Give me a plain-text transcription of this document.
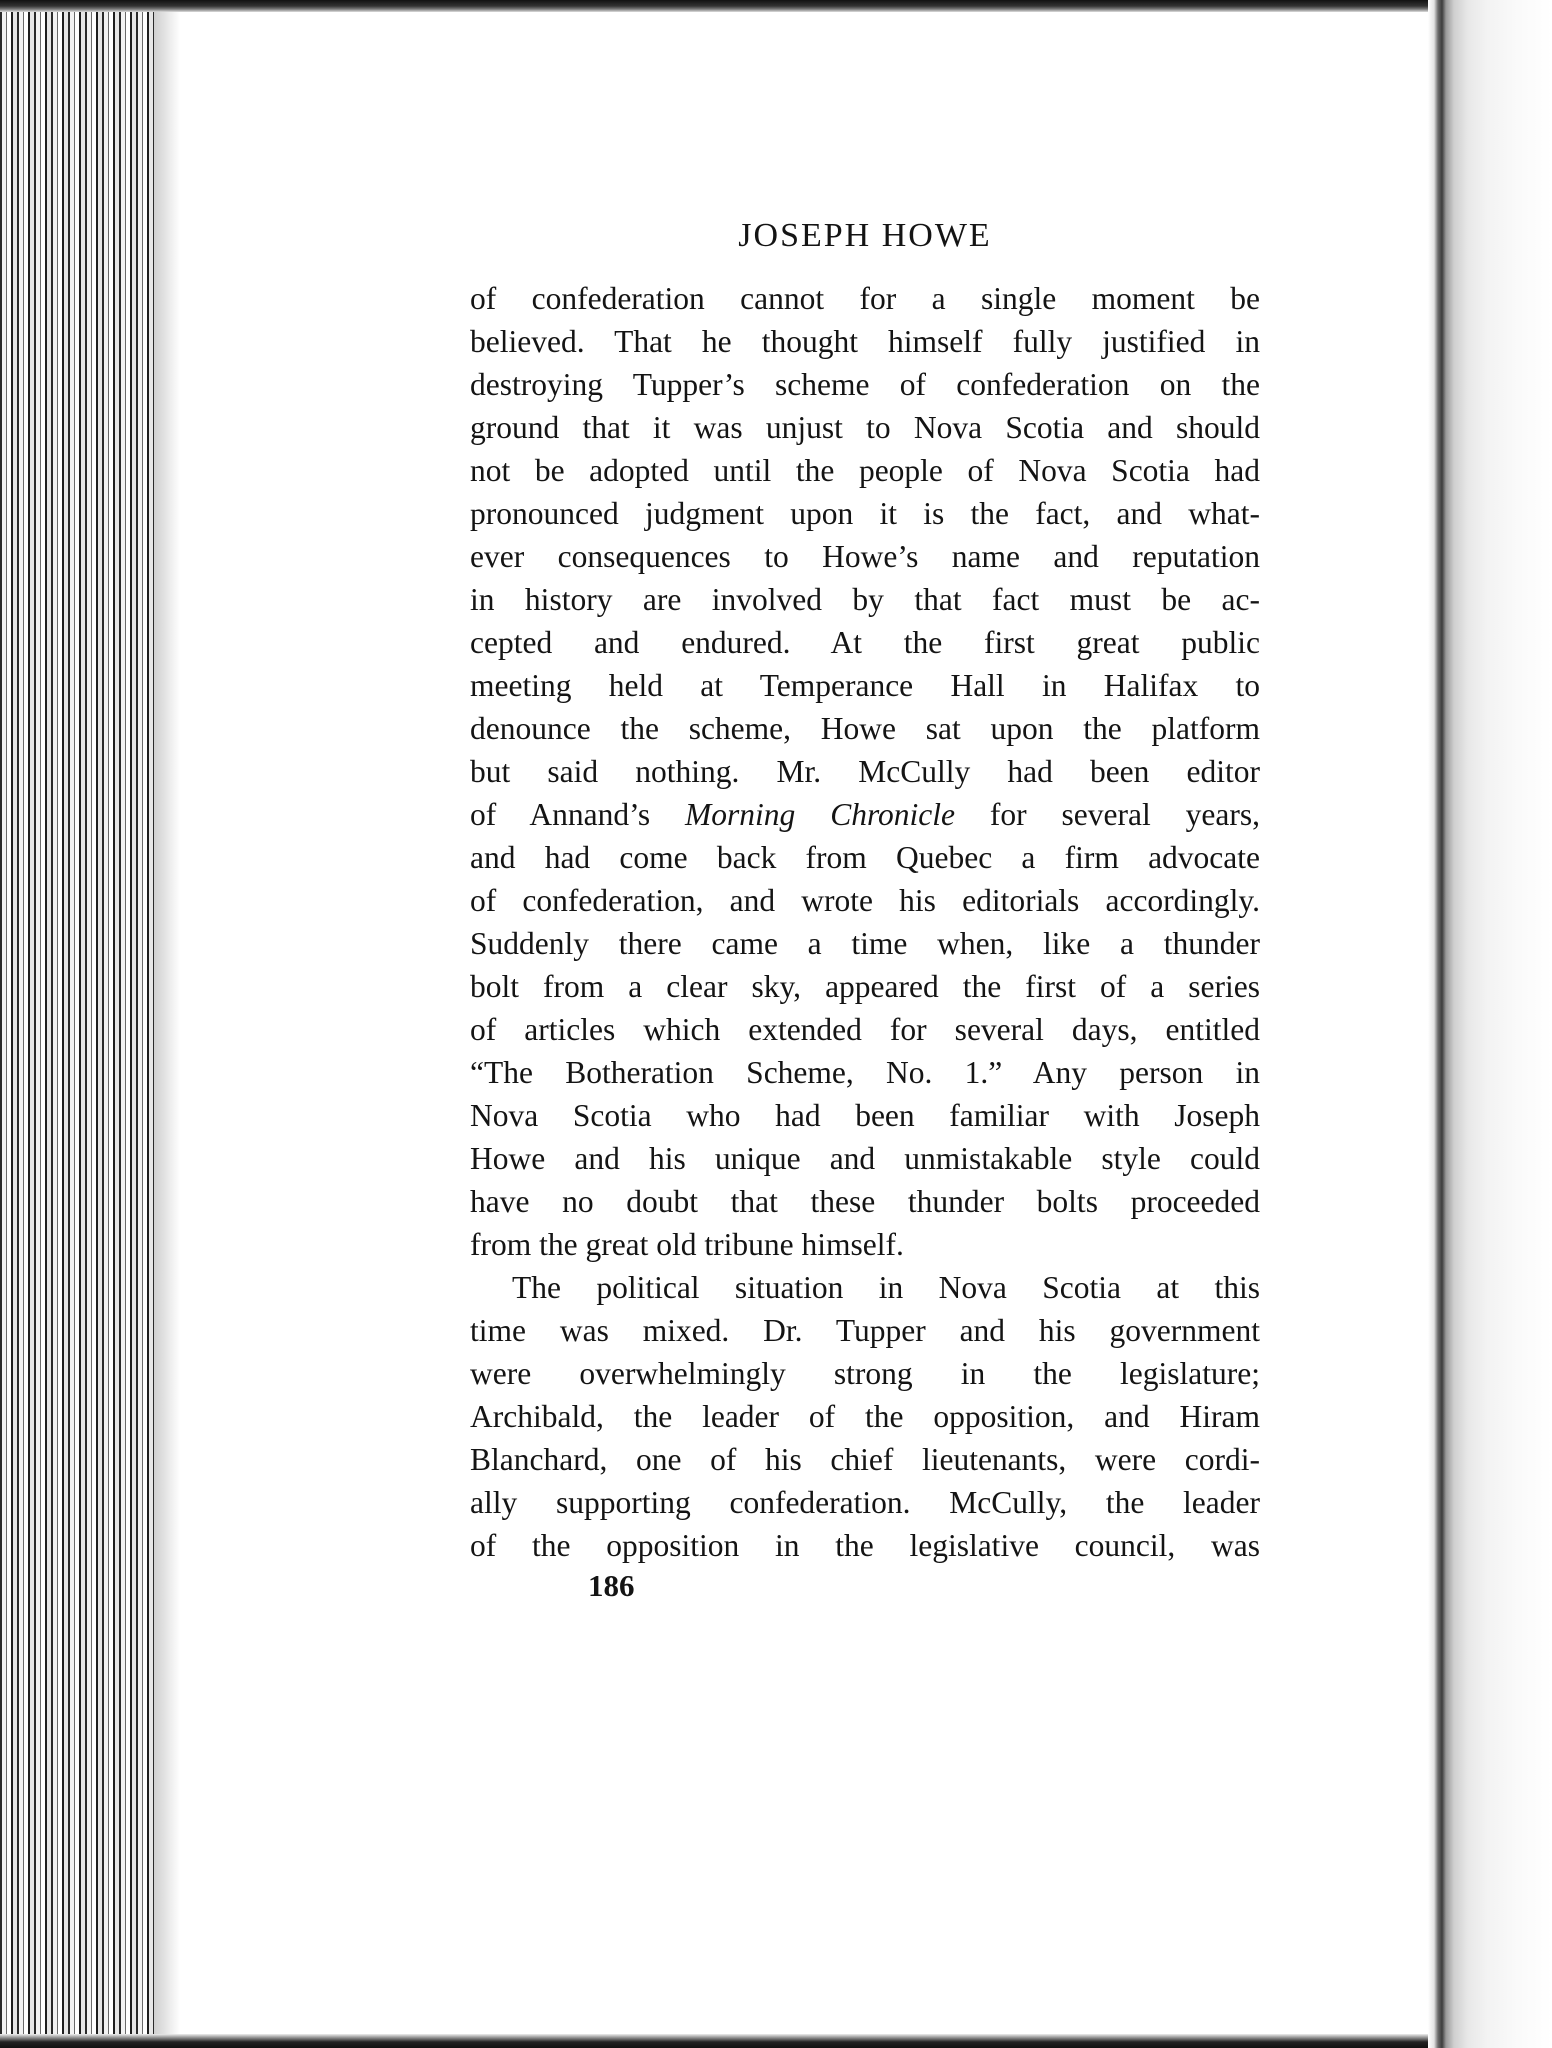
JOSEPH HOWE
of confederation cannot for a single moment be
believed. That he thought himself fully justified in
destroying Tupper’s scheme of confederation on the
ground that it was unjust to Nova Scotia and should
not be adopted until the people of Nova Scotia had
pronounced judgment upon it is the fact, and what-
ever consequences to Howe’s name and reputation
in history are involved by that fact must be ac-
cepted and endured. At the first great public
meeting held at Temperance Hall in Halifax to
denounce the scheme, Howe sat upon the platform
but said nothing. Mr. McCully had been editor
of Annand’s Morning Chronicle for several years,
and had come back from Quebec a firm advocate
of confederation, and wrote his editorials accordingly.
Suddenly there came a time when, like a thunder
bolt from a clear sky, appeared the first of a series
of articles which extended for several days, entitled
“The Botheration Scheme, No. 1.” Any person in
Nova Scotia who had been familiar with Joseph
Howe and his unique and unmistakable style could
have no doubt that these thunder bolts proceeded
from the great old tribune himself.
The political situation in Nova Scotia at this
time was mixed. Dr. Tupper and his government
were overwhelmingly strong in the legislature;
Archibald, the leader of the opposition, and Hiram
Blanchard, one of his chief lieutenants, were cordi-
ally supporting confederation. McCully, the leader
of the opposition in the legislative council, was
186
